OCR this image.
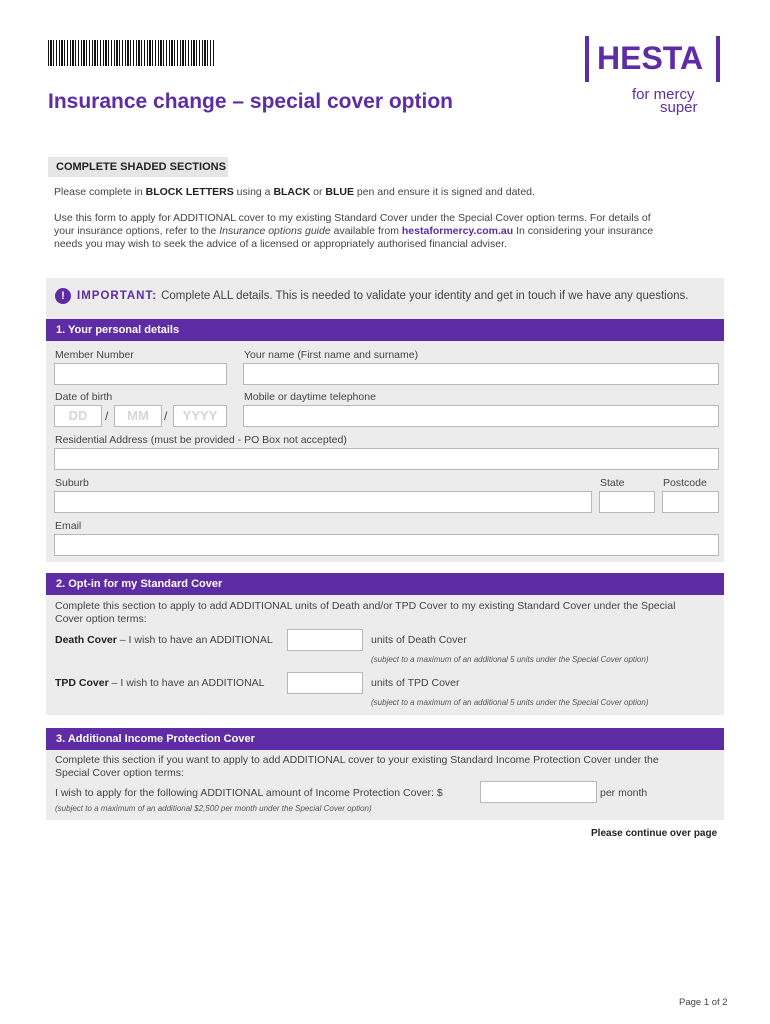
Insurance change – special cover option
HESTA
for mercy
super
COMPLETE SHADED SECTIONS
Please complete in BLOCK LETTERS using a BLACK or BLUE pen and ensure it is signed and dated.
Use this form to apply for ADDITIONAL cover to my existing Standard Cover under the Special Cover option terms. For details of
your insurance options, refer to the Insurance options guide available from hestaformercy.com.au In considering your insurance
needs you may wish to seek the advice of a licensed or appropriately authorised financial adviser.
! IMPORTANT: Complete ALL details. This is needed to validate your identity and get in touch if we have any questions.
1. Your personal details
Member Number	Your name (First name and surname)
Date of birth	Mobile or daytime telephone
DD	/	MM	/	YYYY
Residential Address (must be provided - PO Box not accepted)
Suburb	State	Postcode
Email
2. Opt-in for my Standard Cover
Complete this section to apply to add ADDITIONAL units of Death and/or TPD Cover to my existing Standard Cover under the Special
Cover option terms:
Death Cover – I wish to have an ADDITIONAL	units of Death Cover
(subject to a maximum of an additional 5 units under the Special Cover option)
TPD Cover – I wish to have an ADDITIONAL	units of TPD Cover
(subject to a maximum of an additional 5 units under the Special Cover option)
3. Additional Income Protection Cover
Complete this section if you want to apply to add ADDITIONAL cover to your existing Standard Income Protection Cover under the
Special Cover option terms:
I wish to apply for the following ADDITIONAL amount of Income Protection Cover: $	per month
(subject to a maximum of an additional $2,500 per month under the Special Cover option)
Please continue over page
Page 1 of 2
